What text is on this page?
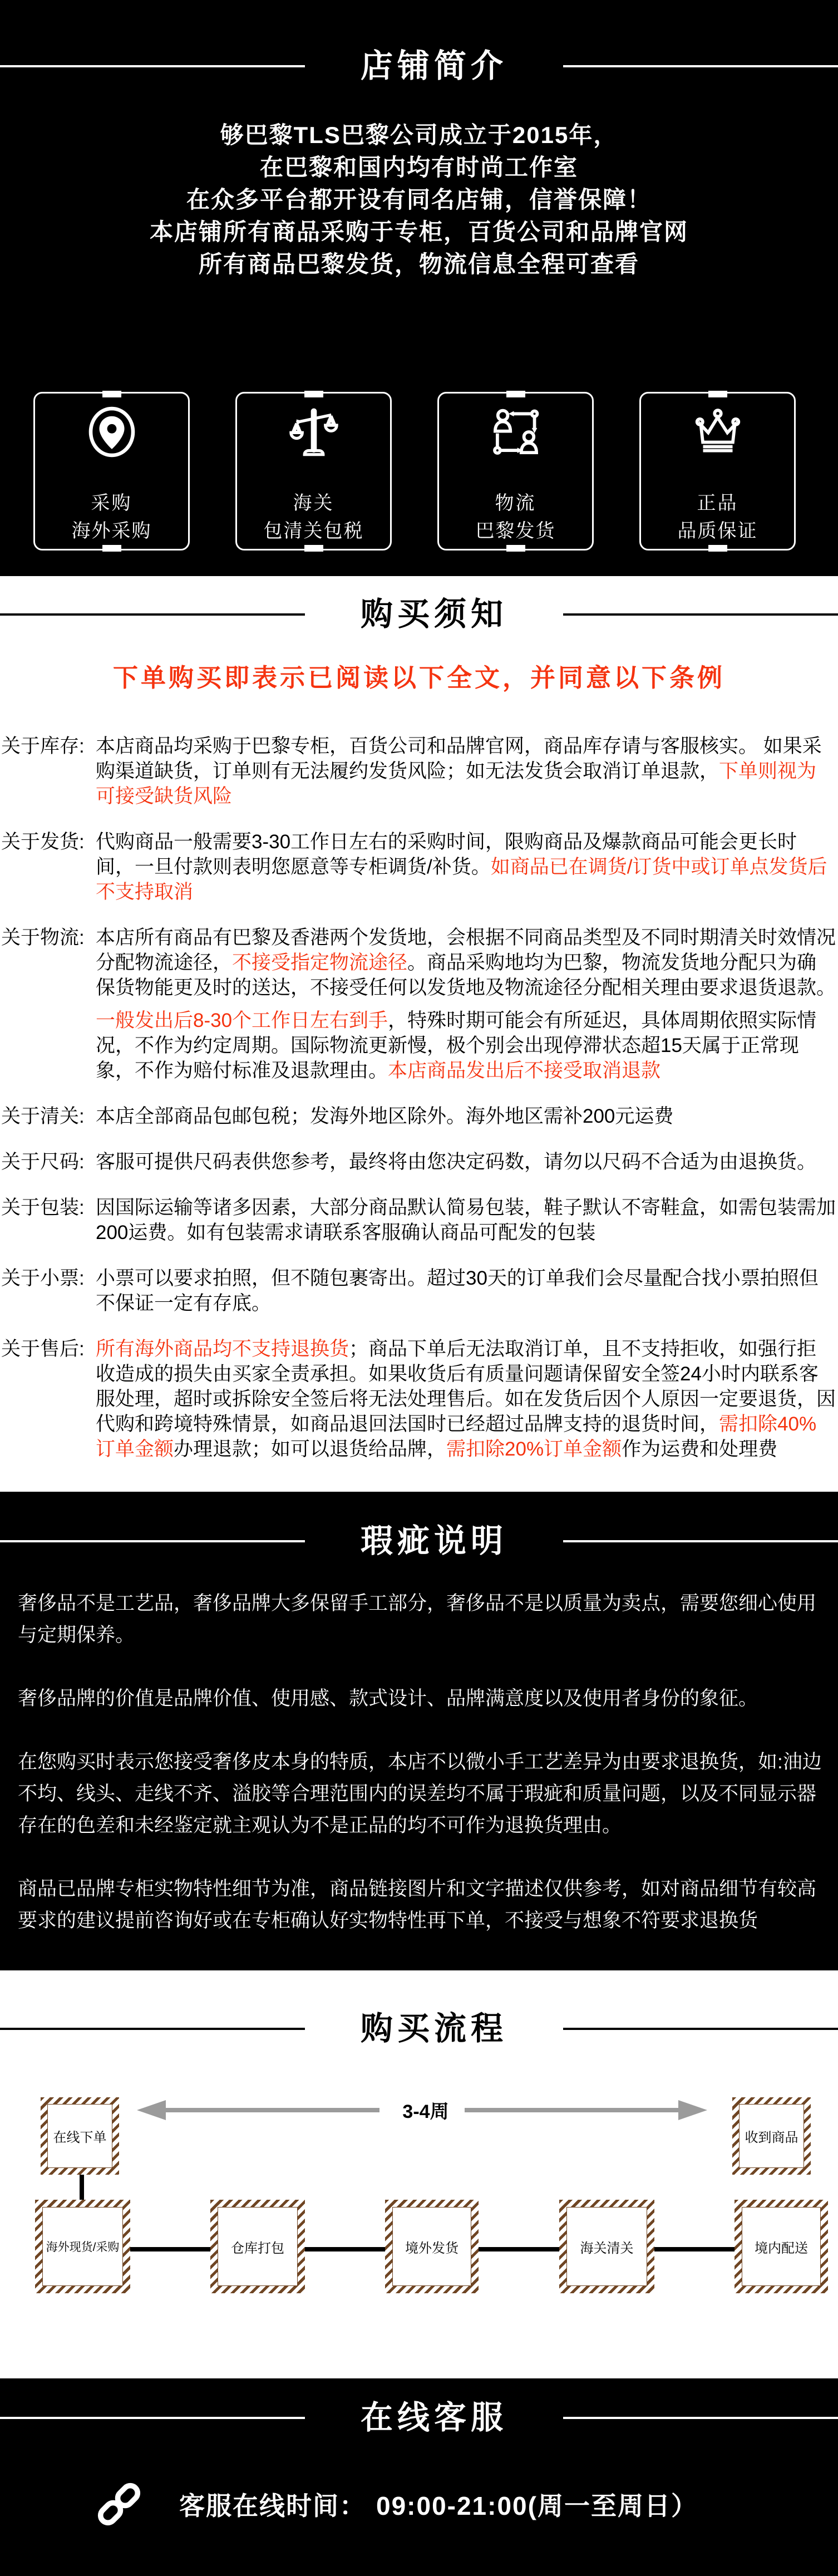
店铺简介
够巴黎TLS巴黎公司成立于2015年，
在巴黎和国内均有时尚工作室
在众多平台都开设有同名店铺，信誉保障！
本店铺所有商品采购于专柜，百货公司和品牌官网
所有商品巴黎发货，物流信息全程可查看
采购
海外采购
海关
包清关包税
物流
巴黎发货
正品
品质保证
购买须知
下单购买即表示已阅读以下全文，并同意以下条例
关于库存: 本店商品均采购于巴黎专柜，百货公司和品牌官网，商品库存请与客服核实。 如果采购渠道缺货，订单则有无法履约发货风险；如无法发货会取消订单退款，下单则视为可接受缺货风险

关于发货: 代购商品一般需要3-30工作日左右的采购时间，限购商品及爆款商品可能会更长时间，一旦付款则表明您愿意等专柜调货/补货。如商品已在调货/订货中或订单点发货后不支持取消

关于物流: 本店所有商品有巴黎及香港两个发货地，会根据不同商品类型及不同时期清关时效情况分配物流途径，不接受指定物流途径。商品采购地均为巴黎，物流发货地分配只为确保货物能更及时的送达，不接受任何以发货地及物流途径分配相关理由要求退货退款。

一般发出后8-30个工作日左右到手，特殊时期可能会有所延迟，具体周期依照实际情况，不作为约定周期。国际物流更新慢，极个别会出现停滞状态超15天属于正常现象，不作为赔付标准及退款理由。本店商品发出后不接受取消退款

关于清关: 本店全部商品包邮包税；发海外地区除外。海外地区需补200元运费

关于尺码: 客服可提供尺码表供您参考，最终将由您决定码数，请勿以尺码不合适为由退换货。

关于包装: 因国际运输等诸多因素，大部分商品默认简易包装，鞋子默认不寄鞋盒，如需包装需加200运费。如有包装需求请联系客服确认商品可配发的包装

关于小票: 小票可以要求拍照，但不随包裹寄出。超过30天的订单我们会尽量配合找小票拍照但不保证一定有存底。

关于售后: 所有海外商品均不支持退换货；商品下单后无法取消订单，且不支持拒收，如强行拒收造成的损失由买家全责承担。如果收货后有质量问题请保留安全签24小时内联系客服处理，超时或拆除安全签后将无法处理售后。如在发货后因个人原因一定要退货，因代购和跨境特殊情景，如商品退回法国时已经超过品牌支持的退货时间，需扣除40%订单金额办理退款；如可以退货给品牌，需扣除20%订单金额作为运费和处理费

瑕疵说明

奢侈品不是工艺品，奢侈品牌大多保留手工部分，奢侈品不是以质量为卖点，需要您细心使用与定期保养。

奢侈品牌的价值是品牌价值、使用感、款式设计、品牌满意度以及使用者身份的象征。

在您购买时表示您接受奢侈皮本身的特质，本店不以微小手工艺差异为由要求退换货，如:油边不均、线头、走线不齐、溢胶等合理范围内的误差均不属于瑕疵和质量问题，以及不同显示器存在的色差和未经鉴定就主观认为不是正品的均不可作为退换货理由。

商品已品牌专柜实物特性细节为准，商品链接图片和文字描述仅供参考，如对商品细节有较高要求的建议提前咨询好或在专柜确认好实物特性再下单，不接受与想象不符要求退换货

购买流程
在线下单
3-4周
收到商品
海外现货/采购	仓库打包	境外发货	海关清关	境内配送
在线客服
客服在线时间： 09:00-21:00(周一至周日）
